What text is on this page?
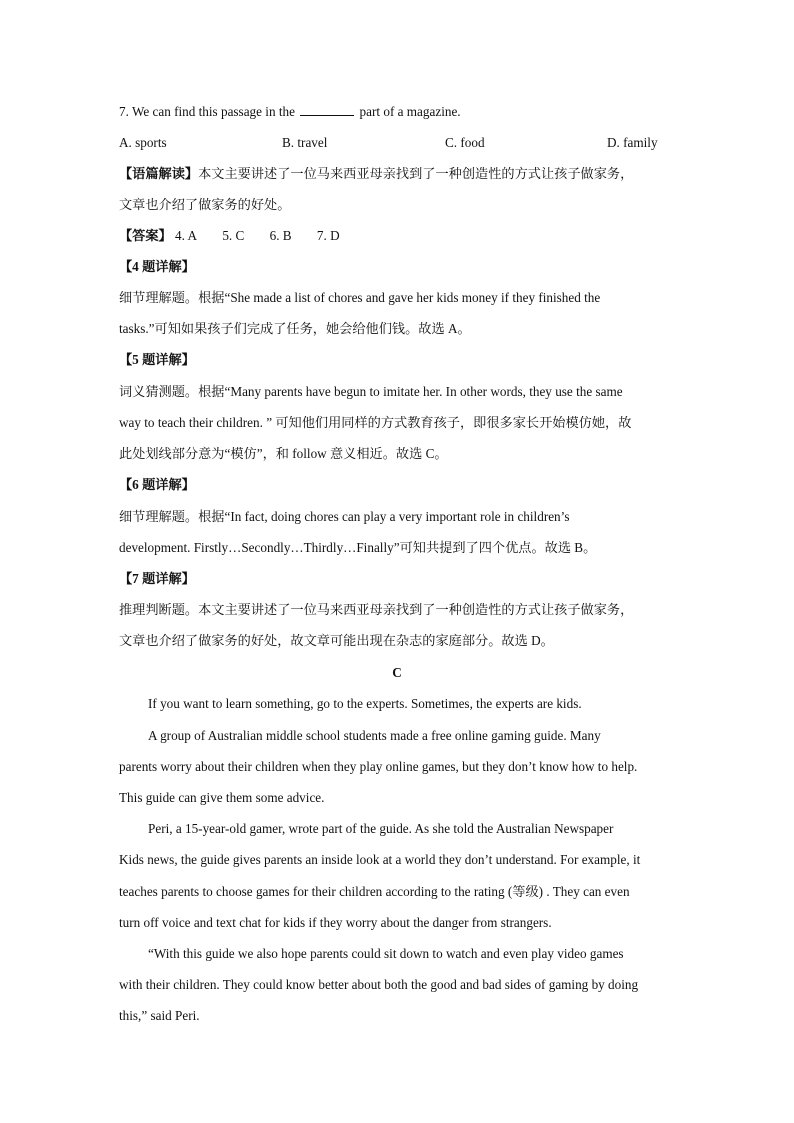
7. We can find this passage in the	part of a magazine.
A. sports	B. travel	C. food	D. family
【语篇解读】本文主要讲述了一位马来西亚母亲找到了一种创造性的方式让孩子做家务，
文章也介绍了做家务的好处。
【答案】 4. A 5. C 6. B 7. D
【4 题详解】
细节理解题。根据“She made a list of chores and gave her kids money if they finished the
tasks.”可知如果孩子们完成了任务，她会给他们钱。故选 A。
【5 题详解】
词义猜测题。根据“Many parents have begun to imitate her. In other words, they use the same
way to teach their children. ” 可知他们用同样的方式教育孩子，即很多家长开始模仿她，故
此处划线部分意为“模仿”，和 follow 意义相近。故选 C。
【6 题详解】
细节理解题。根据“In fact, doing chores can play a very important role in children’s
development. Firstly…Secondly…Thirdly…Finally”可知共提到了四个优点。故选 B。
【7 题详解】
推理判断题。本文主要讲述了一位马来西亚母亲找到了一种创造性的方式让孩子做家务，
文章也介绍了做家务的好处，故文章可能出现在杂志的家庭部分。故选 D。
C
If you want to learn something, go to the experts. Sometimes, the experts are kids.
A group of Australian middle school students made a free online gaming guide. Many
parents worry about their children when they play online games, but they don’t know how to help.
This guide can give them some advice.
Peri, a 15-year-old gamer, wrote part of the guide. As she told the Australian Newspaper
Kids news, the guide gives parents an inside look at a world they don’t understand. For example, it
teaches parents to choose games for their children according to the rating (等级) . They can even
turn off voice and text chat for kids if they worry about the danger from strangers.
“With this guide we also hope parents could sit down to watch and even play video games
with their children. They could know better about both the good and bad sides of gaming by doing
this,” said Peri.
